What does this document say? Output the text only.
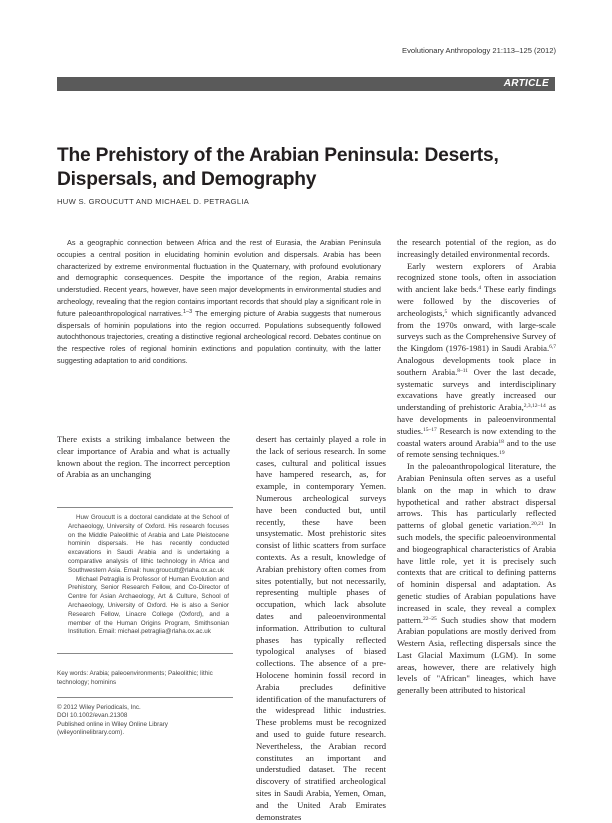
Evolutionary Anthropology 21:113–125 (2012)
ARTICLE
The Prehistory of the Arabian Peninsula: Deserts, Dispersals, and Demography
HUW S. GROUCUTT AND MICHAEL D. PETRAGLIA

As a geographic connection between Africa and the rest of Eurasia, the Arabian Peninsula occupies a central position in elucidating hominin evolution and dispersals. Arabia has been characterized by extreme environmental fluctuation in the Quaternary, with profound evolutionary and demographic consequences. Despite the importance of the region, Arabia remains understudied. Recent years, however, have seen major developments in environmental studies and archeology, revealing that the region contains important records that should play a significant role in future paleoanthropological narratives.$^{1-3}$ The emerging picture of Arabia suggests that numerous dispersals of hominin populations into the region occurred. Populations subsequently followed autochthonous trajectories, creating a distinctive regional archeological record. Debates continue on the respective roles of regional hominin extinctions and population continuity, with the latter suggesting adaptation to arid conditions.

There exists a striking imbalance between the clear importance of Arabia and what is actually known about the region. The incorrect perception of Arabia as an unchanging

Huw Groucutt is a doctoral candidate at the School of Archaeology, University of Oxford. His research focuses on the Middle Paleolithic of Arabia and Late Pleistocene hominin dispersals. He has recently conducted excavations in Saudi Arabia and is undertaking a comparative analysis of lithic technology in Africa and Southwestern Asia. Email: huw.groucutt@rlaha.ox.ac.uk

Michael Petraglia is Professor of Human Evolution and Prehistory, Senior Research Fellow, and Co-Director of Centre for Asian Archaeology, Art & Culture, School of Archaeology, University of Oxford. He is also a Senior Research Fellow, Linacre College (Oxford), and a member of the Human Origins Program, Smithsonian Institution. Email: michael.petraglia@rlaha.ox.ac.uk

Key words: Arabia; paleoenvironments; Paleolithic; lithic technology; hominins
© 2012 Wiley Periodicals, Inc.
DOI 10.1002/evan.21308
Published online in Wiley Online Library
(wileyonlinelibrary.com).

desert has certainly played a role in the lack of serious research. In some cases, cultural and political issues have hampered research, as, for example, in contemporary Yemen. Numerous archeological surveys have been conducted but, until recently, these have been unsystematic. Most prehistoric sites consist of lithic scatters from surface contexts. As a result, knowledge of Arabian prehistory often comes from sites potentially, but not necessarily, representing multiple phases of occupation, which lack absolute dates and paleoenvironmental information. Attribution to cultural phases has typically reflected typological analyses of biased collections. The absence of a pre-Holocene hominin fossil record in Arabia precludes definitive identification of the manufacturers of the widespread lithic industries. These problems must be recognized and used to guide future research. Nevertheless, the Arabian record constitutes an important and understudied dataset. The recent discovery of stratified archeological sites in Saudi Arabia, Yemen, Oman, and the United Arab Emirates demonstrates

the research potential of the region, as do increasingly detailed environmental records.

Early western explorers of Arabia recognized stone tools, often in association with ancient lake beds.$^4$ These early findings were followed by the discoveries of archeologists,$^5$ which significantly advanced from the 1970s onward, with large-scale surveys such as the Comprehensive Survey of the Kingdom (1976-1981) in Saudi Arabia.$^{6,7}$ Analogous developments took place in southern Arabia.$^{8-11}$ Over the last decade, systematic surveys and interdisciplinary excavations have greatly increased our understanding of prehistoric Arabia,$^{2,3,12-14}$ as have developments in paleoenvironmental studies.$^{15-17}$ Research is now extending to the coastal waters around Arabia$^{18}$ and to the use of remote sensing techniques.$^{19}$

In the paleoanthropological literature, the Arabian Peninsula often serves as a useful blank on the map in which to draw hypothetical and rather abstract dispersal arrows. This has particularly reflected patterns of global genetic variation.$^{20,21}$ In such models, the specific paleoenvironmental and biogeographical characteristics of Arabia have little role, yet it is precisely such contexts that are critical to defining patterns of hominin dispersal and adaptation. As genetic studies of Arabian populations have increased in scale, they reveal a complex pattern.$^{22-25}$ Such studies show that modern Arabian populations are mostly derived from Western Asia, reflecting dispersals since the Last Glacial Maximum (LGM). In some areas, however, there are relatively high levels of "African" lineages, which have generally been attributed to historical
